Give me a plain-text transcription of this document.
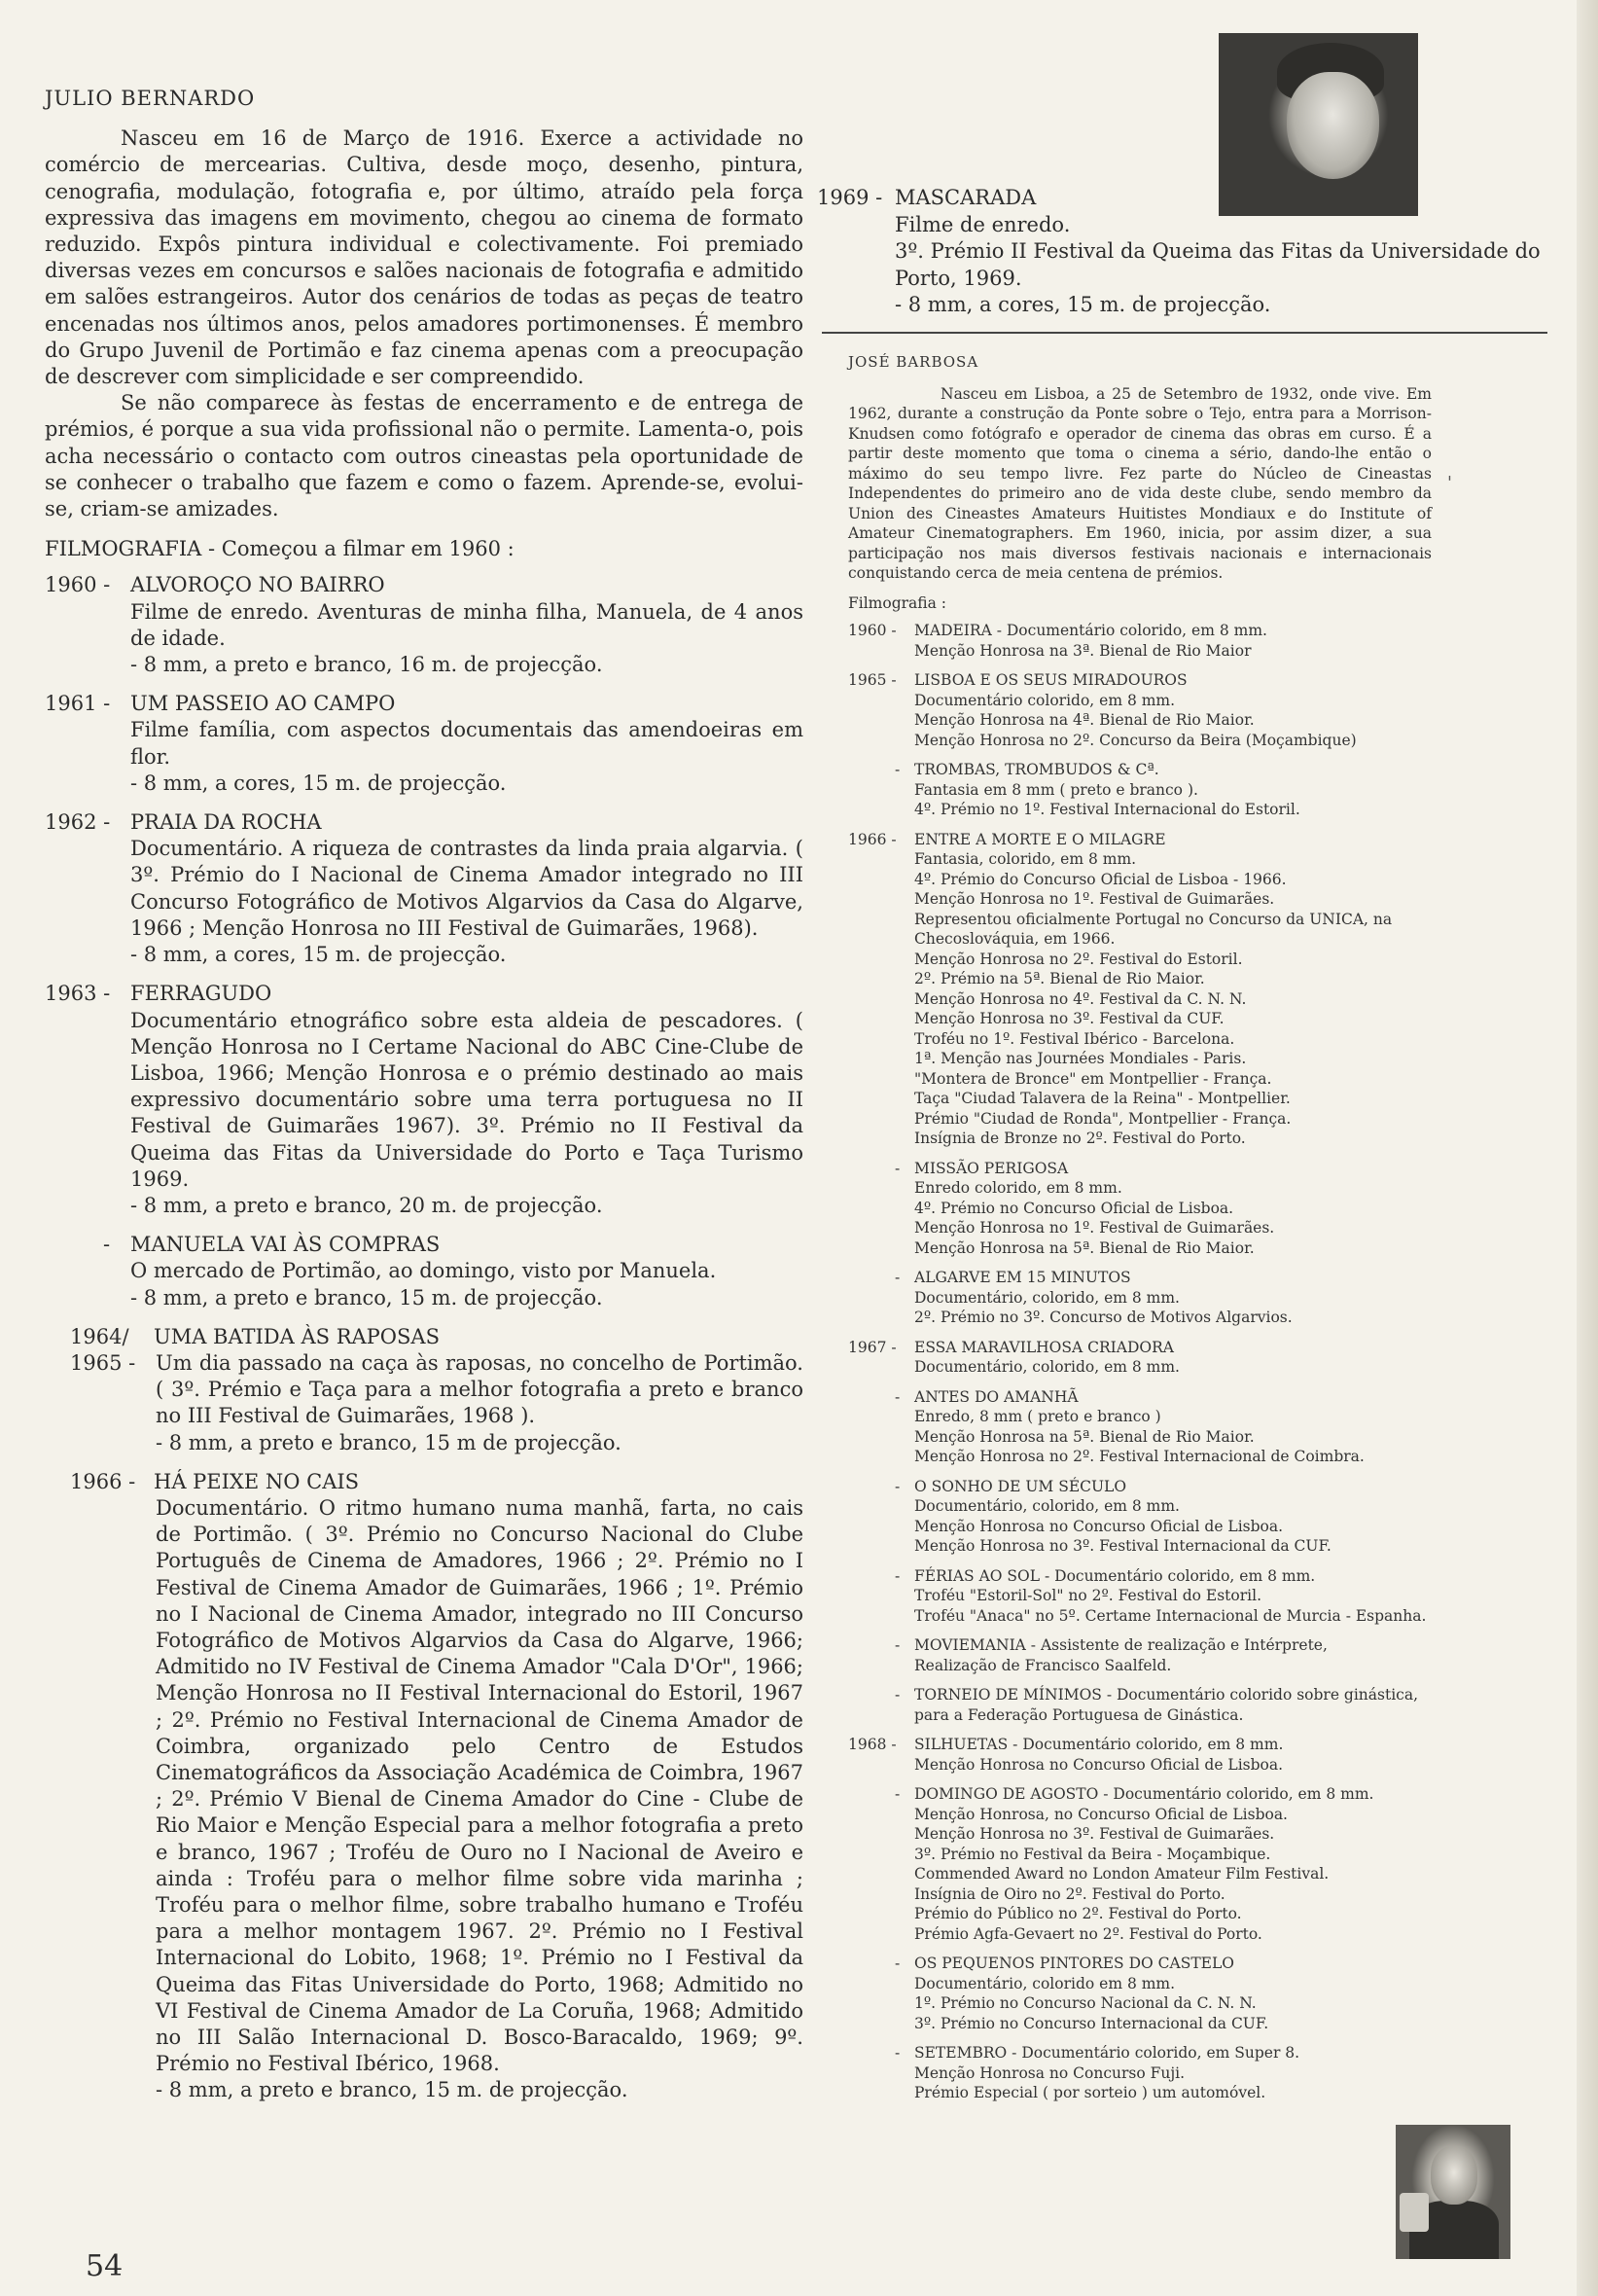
JULIO BERNARDO

Nasceu em 16 de Março de 1916. Exerce a actividade no comércio de mercearias. Cultiva, desde moço, desenho, pintura, cenografia, modulação, fotografia e, por último, atraído pela força expressiva das imagens em movimento, chegou ao cinema de formato reduzido. Expôs pintura individual e colectivamente. Foi premiado diversas vezes em concursos e salões nacionais de fotografia e admitido em salões estrangeiros. Autor dos cenários de todas as peças de teatro encenadas nos últimos anos, pelos amadores portimonenses. É membro do Grupo Juvenil de Portimão e faz cinema apenas com a preocupação de descrever com simplicidade e ser compreendido.

Se não comparece às festas de encerramento e de entrega de prémios, é porque a sua vida profissional não o permite. Lamenta-o, pois acha necessário o contacto com outros cineastas pela oportunidade de se conhecer o trabalho que fazem e como o fazem. Aprende-se, evolui-se, criam-se amizades.

FILMOGRAFIA - Começou a filmar em 1960 :
1960 - ALVOROÇO NO BAIRRO
Filme de enredo. Aventuras de minha filha, Manuela, de 4 anos de idade.
- 8 mm, a preto e branco, 16 m. de projecção.
1961 - UM PASSEIO AO CAMPO
Filme família, com aspectos documentais das amendoeiras em flor.
- 8 mm, a cores, 15 m. de projecção.
1962 - PRAIA DA ROCHA
Documentário. A riqueza de contrastes da linda praia algarvia. ( 3º. Prémio do I Nacional de Cinema Amador integrado no III Concurso Fotográfico de Motivos Algarvios da Casa do Algarve, 1966 ; Menção Honrosa no III Festival de Guimarães, 1968).
- 8 mm, a cores, 15 m. de projecção.
1963 - FERRAGUDO
Documentário etnográfico sobre esta aldeia de pescadores. ( Menção Honrosa no I Certame Nacional do ABC Cine-Clube de Lisboa, 1966; Menção Honrosa e o prémio destinado ao mais expressivo documentário sobre uma terra portuguesa no II Festival de Guimarães 1967). 3º. Prémio no II Festival da Queima das Fitas da Universidade do Porto e Taça Turismo 1969.
- 8 mm, a preto e branco, 20 m. de projecção.
- MANUELA VAI ÀS COMPRAS
O mercado de Portimão, ao domingo, visto por Manuela.
- 8 mm, a preto e branco, 15 m. de projecção.
1964/
1965 -
UMA BATIDA ÀS RAPOSAS
Um dia passado na caça às raposas, no concelho de Portimão. ( 3º. Prémio e Taça para a melhor fotografia a preto e branco no III Festival de Guimarães, 1968 ).
- 8 mm, a preto e branco, 15 m de projecção.
1966 - HÁ PEIXE NO CAIS
Documentário. O ritmo humano numa manhã, farta, no cais de Portimão. ( 3º. Prémio no Concurso Nacional do Clube Português de Cinema de Amadores, 1966 ; 2º. Prémio no I Festival de Cinema Amador de Guimarães, 1966 ; 1º. Prémio no I Nacional de Cinema Amador, integrado no III Concurso Fotográfico de Motivos Algarvios da Casa do Algarve, 1966; Admitido no IV Festival de Cinema Amador "Cala D'Or", 1966; Menção Honrosa no II Festival Internacional do Estoril, 1967 ; 2º. Prémio no Festival Internacional de Cinema Amador de Coimbra, organizado pelo Centro de Estudos Cinematográficos da Associação Académica de Coimbra, 1967 ; 2º. Prémio V Bienal de Cinema Amador do Cine - Clube de Rio Maior e Menção Especial para a melhor fotografia a preto e branco, 1967 ; Troféu de Ouro no I Nacional de Aveiro e ainda : Troféu para o melhor filme sobre vida marinha ; Troféu para o melhor filme, sobre trabalho humano e Troféu para a melhor montagem 1967. 2º. Prémio no I Festival Internacional do Lobito, 1968; 1º. Prémio no I Festival da Queima das Fitas Universidade do Porto, 1968; Admitido no VI Festival de Cinema Amador de La Coruña, 1968; Admitido no III Salão Internacional D. Bosco-Baracaldo, 1969; 9º. Prémio no Festival Ibérico, 1968.
- 8 mm, a preto e branco, 15 m. de projecção.
1969 - MASCARADA
Filme de enredo.
3º. Prémio II Festival da Queima das Fitas da Universidade do Porto, 1969.
- 8 mm, a cores, 15 m. de projecção.
JOSÉ BARBOSA

Nasceu em Lisboa, a 25 de Setembro de 1932, onde vive. Em 1962, durante a construção da Ponte sobre o Tejo, entra para a Morrison-Knudsen como fotógrafo e operador de cinema das obras em curso. É a partir deste momento que toma o cinema a sério, dando-lhe então o máximo do seu tempo livre. Fez parte do Núcleo de Cineastas Independentes do primeiro ano de vida deste clube, sendo membro da Union des Cineastes Amateurs Huitistes Mondiaux e do Institute of Amateur Cinematographers. Em 1960, inicia, por assim dizer, a sua participação nos mais diversos festivais nacionais e internacionais conquistando cerca de meia centena de prémios.

Filmografia :
1960 - MADEIRA - Documentário colorido, em 8 mm.
Menção Honrosa na 3ª. Bienal de Rio Maior
1965 - LISBOA E OS SEUS MIRADOUROS
Documentário colorido, em 8 mm.
Menção Honrosa na 4ª. Bienal de Rio Maior.
Menção Honrosa no 2º. Concurso da Beira (Moçambique)
- TROMBAS, TROMBUDOS & Cª.
Fantasia em 8 mm ( preto e branco ).
4º. Prémio no 1º. Festival Internacional do Estoril.
1966 - ENTRE A MORTE E O MILAGRE
Fantasia, colorido, em 8 mm.
4º. Prémio do Concurso Oficial de Lisboa - 1966.
Menção Honrosa no 1º. Festival de Guimarães.
Representou oficialmente Portugal no Concurso da UNICA, na Checoslováquia, em 1966.
Menção Honrosa no 2º. Festival do Estoril.
2º. Prémio na 5ª. Bienal de Rio Maior.
Menção Honrosa no 4º. Festival da C. N. N.
Menção Honrosa no 3º. Festival da CUF.
Troféu no 1º. Festival Ibérico - Barcelona.
1ª. Menção nas Journées Mondiales - Paris.
"Montera de Bronce" em Montpellier - França.
Taça "Ciudad Talavera de la Reina" - Montpellier.
Prémio "Ciudad de Ronda", Montpellier - França.
Insígnia de Bronze no 2º. Festival do Porto.
- MISSÃO PERIGOSA
Enredo colorido, em 8 mm.
4º. Prémio no Concurso Oficial de Lisboa.
Menção Honrosa no 1º. Festival de Guimarães.
Menção Honrosa na 5ª. Bienal de Rio Maior.
- ALGARVE EM 15 MINUTOS
Documentário, colorido, em 8 mm.
2º. Prémio no 3º. Concurso de Motivos Algarvios.
1967 - ESSA MARAVILHOSA CRIADORA
Documentário, colorido, em 8 mm.
- ANTES DO AMANHÃ
Enredo, 8 mm ( preto e branco )
Menção Honrosa na 5ª. Bienal de Rio Maior.
Menção Honrosa no 2º. Festival Internacional de Coimbra.
- O SONHO DE UM SÉCULO
Documentário, colorido, em 8 mm.
Menção Honrosa no Concurso Oficial de Lisboa.
Menção Honrosa no 3º. Festival Internacional da CUF.
- FÉRIAS AO SOL - Documentário colorido, em 8 mm.
Troféu "Estoril-Sol" no 2º. Festival do Estoril.
Troféu "Anaca" no 5º. Certame Internacional de Murcia - Espanha.
- MOVIEMANIA - Assistente de realização e Intérprete,
Realização de Francisco Saalfeld.
- TORNEIO DE MÍNIMOS - Documentário colorido sobre ginástica, para a Federação Portuguesa de Ginástica.
1968 - SILHUETAS - Documentário colorido, em 8 mm.
Menção Honrosa no Concurso Oficial de Lisboa.
- DOMINGO DE AGOSTO - Documentário colorido, em 8 mm.
Menção Honrosa, no Concurso Oficial de Lisboa.
Menção Honrosa no 3º. Festival de Guimarães.
3º. Prémio no Festival da Beira - Moçambique.
Commended Award no London Amateur Film Festival.
Insígnia de Oiro no 2º. Festival do Porto.
Prémio do Público no 2º. Festival do Porto.
Prémio Agfa-Gevaert no 2º. Festival do Porto.
- OS PEQUENOS PINTORES DO CASTELO
Documentário, colorido em 8 mm.
1º. Prémio no Concurso Nacional da C. N. N.
3º. Prémio no Concurso Internacional da CUF.
- SETEMBRO - Documentário colorido, em Super 8.
Menção Honrosa no Concurso Fuji.
Prémio Especial ( por sorteio ) um automóvel.
'
54
